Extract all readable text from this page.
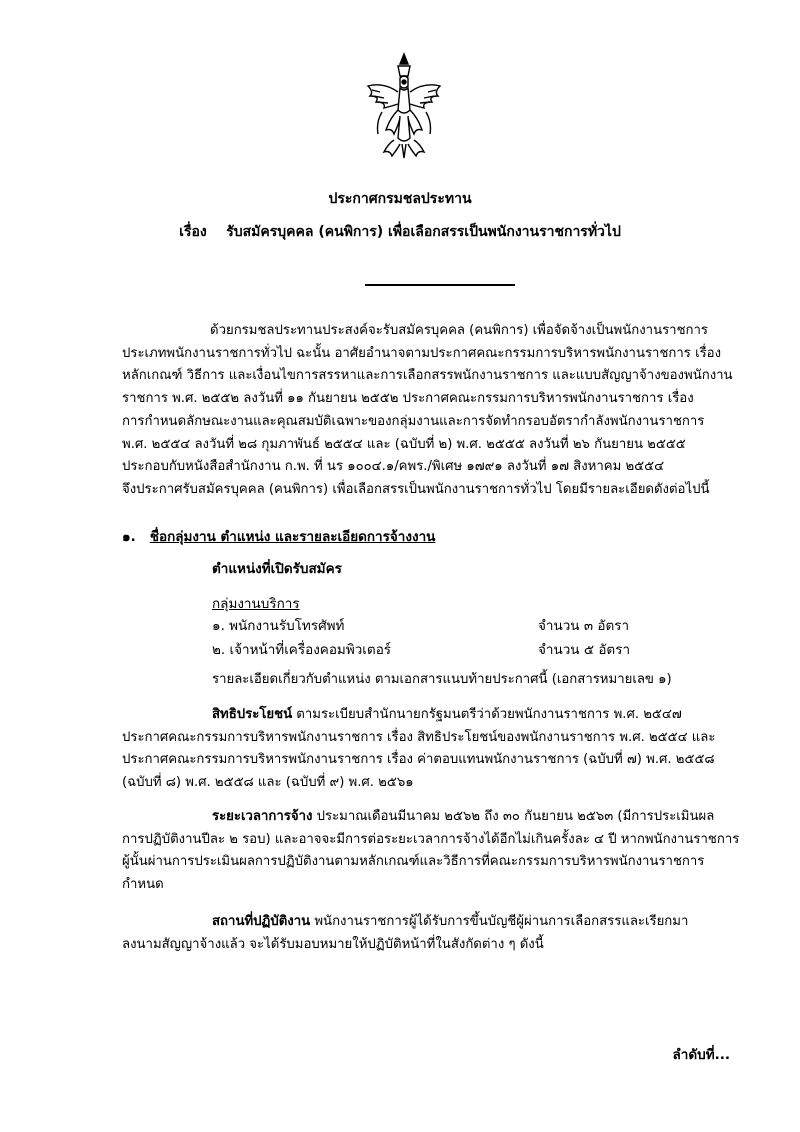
ประกาศกรมชลประทาน
เรื่อง รับสมัครบุคคล (คนพิการ) เพื่อเลือกสรรเป็นพนักงานราชการทั่วไป
ด้วยกรมชลประทานประสงค์จะรับสมัครบุคคล (คนพิการ) เพื่อจัดจ้างเป็นพนักงานราชการ
ประเภทพนักงานราชการทั่วไป ฉะนั้น อาศัยอำนาจตามประกาศคณะกรรมการบริหารพนักงานราชการ เรื่อง
หลักเกณฑ์ วิธีการ และเงื่อนไขการสรรหาและการเลือกสรรพนักงานราชการ และแบบสัญญาจ้างของพนักงาน
ราชการ พ.ศ. ๒๕๕๒ ลงวันที่ ๑๑ กันยายน ๒๕๕๒ ประกาศคณะกรรมการบริหารพนักงานราชการ เรื่อง
การกำหนดลักษณะงานและคุณสมบัติเฉพาะของกลุ่มงานและการจัดทำกรอบอัตรากำลังพนักงานราชการ
พ.ศ. ๒๕๕๔ ลงวันที่ ๒๘ กุมภาพันธ์ ๒๕๕๔ และ (ฉบับที่ ๒) พ.ศ. ๒๕๕๕ ลงวันที่ ๒๖ กันยายน ๒๕๕๕
ประกอบกับหนังสือสำนักงาน ก.พ. ที่ นร ๑๐๐๔.๑/คพร./พิเศษ ๑๗๙๑ ลงวันที่ ๑๗ สิงหาคม ๒๕๕๔
จึงประกาศรับสมัครบุคคล (คนพิการ) เพื่อเลือกสรรเป็นพนักงานราชการทั่วไป โดยมีรายละเอียดดังต่อไปนี้
๑. ชื่อกลุ่มงาน ตำแหน่ง และรายละเอียดการจ้างงาน
ตำแหน่งที่เปิดรับสมัคร
กลุ่มงานบริการ
๑. พนักงานรับโทรศัพท์	จำนวน ๓ อัตรา
๒. เจ้าหน้าที่เครื่องคอมพิวเตอร์	จำนวน ๕ อัตรา
รายละเอียดเกี่ยวกับตำแหน่ง ตามเอกสารแนบท้ายประกาศนี้ (เอกสารหมายเลข ๑)
สิทธิประโยชน์ ตามระเบียบสำนักนายกรัฐมนตรีว่าด้วยพนักงานราชการ พ.ศ. ๒๕๔๗
ประกาศคณะกรรมการบริหารพนักงานราชการ เรื่อง สิทธิประโยชน์ของพนักงานราชการ พ.ศ. ๒๕๕๔ และ
ประกาศคณะกรรมการบริหารพนักงานราชการ เรื่อง ค่าตอบแทนพนักงานราชการ (ฉบับที่ ๗) พ.ศ. ๒๕๕๘
(ฉบับที่ ๘) พ.ศ. ๒๕๕๘ และ (ฉบับที่ ๙) พ.ศ. ๒๕๖๑
ระยะเวลาการจ้าง ประมาณเดือนมีนาคม ๒๕๖๒ ถึง ๓๐ กันยายน ๒๕๖๓ (มีการประเมินผล
การปฏิบัติงานปีละ ๒ รอบ) และอาจจะมีการต่อระยะเวลาการจ้างได้อีกไม่เกินครั้งละ ๔ ปี หากพนักงานราชการ
ผู้นั้นผ่านการประเมินผลการปฏิบัติงานตามหลักเกณฑ์และวิธีการที่คณะกรรมการบริหารพนักงานราชการ
กำหนด
สถานที่ปฏิบัติงาน พนักงานราชการผู้ได้รับการขึ้นบัญชีผู้ผ่านการเลือกสรรและเรียกมา
ลงนามสัญญาจ้างแล้ว จะได้รับมอบหมายให้ปฏิบัติหน้าที่ในสังกัดต่าง ๆ ดังนี้
ลำดับที่...
